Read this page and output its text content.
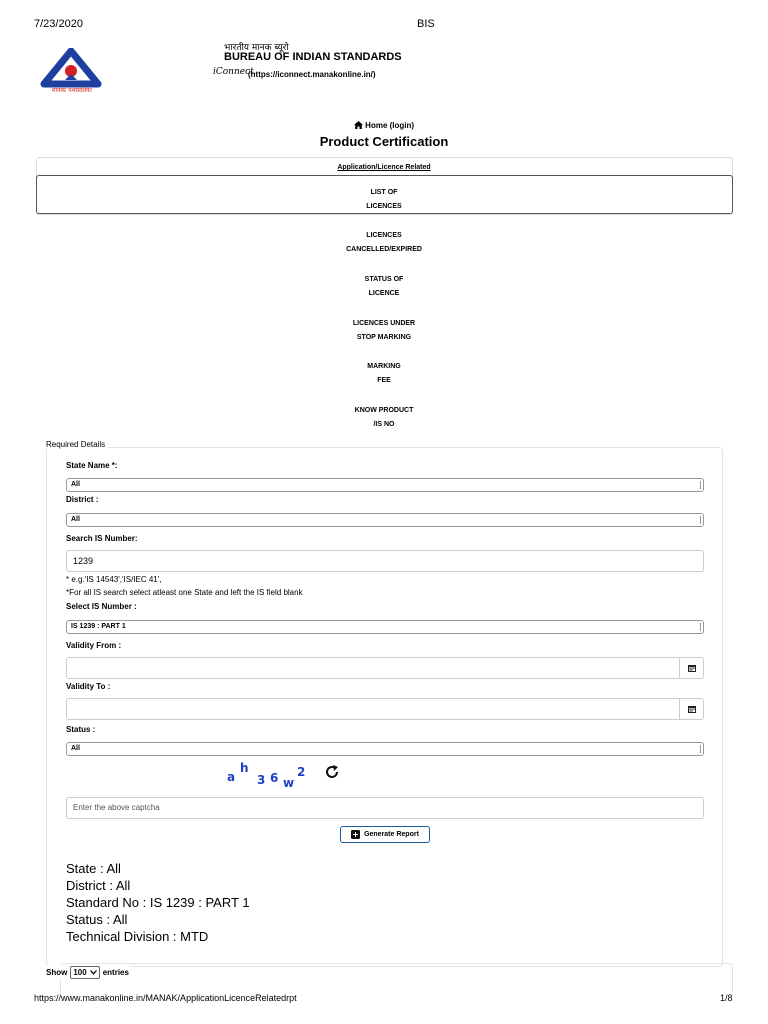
7/23/2020	BIS
मानकः पथप्रदर्शकः
भारतीय मानक ब्यूरो
BUREAU OF INDIAN STANDARDS
iConnect
(https://iconnect.manakonline.in/)
Home (login)
Product Certification
Application/Licence Related
LIST OF
LICENCES
LICENCES
CANCELLED/EXPIRED
STATUS OF
LICENCE
LICENCES UNDER
STOP MARKING
MARKING
FEE
KNOW PRODUCT
/IS NO
Required Details
State Name *:
All
District :
All
Search IS Number:
1239
* e.g.'IS 14543','IS/IEC 41',
*For all IS search select atleast one State and left the IS field blank
Select IS Number :
IS 1239 : PART 1
Validity From :
Validity To :
Status :
All
a
h
3 6 w
2
Enter the above captcha
Generate Report
State : All
District : All
Standard No : IS 1239 : PART 1
Status : All
Technical Division : MTD
Show 100 entries
https://www.manakonline.in/MANAK/ApplicationLicenceRelatedrpt	1/8
